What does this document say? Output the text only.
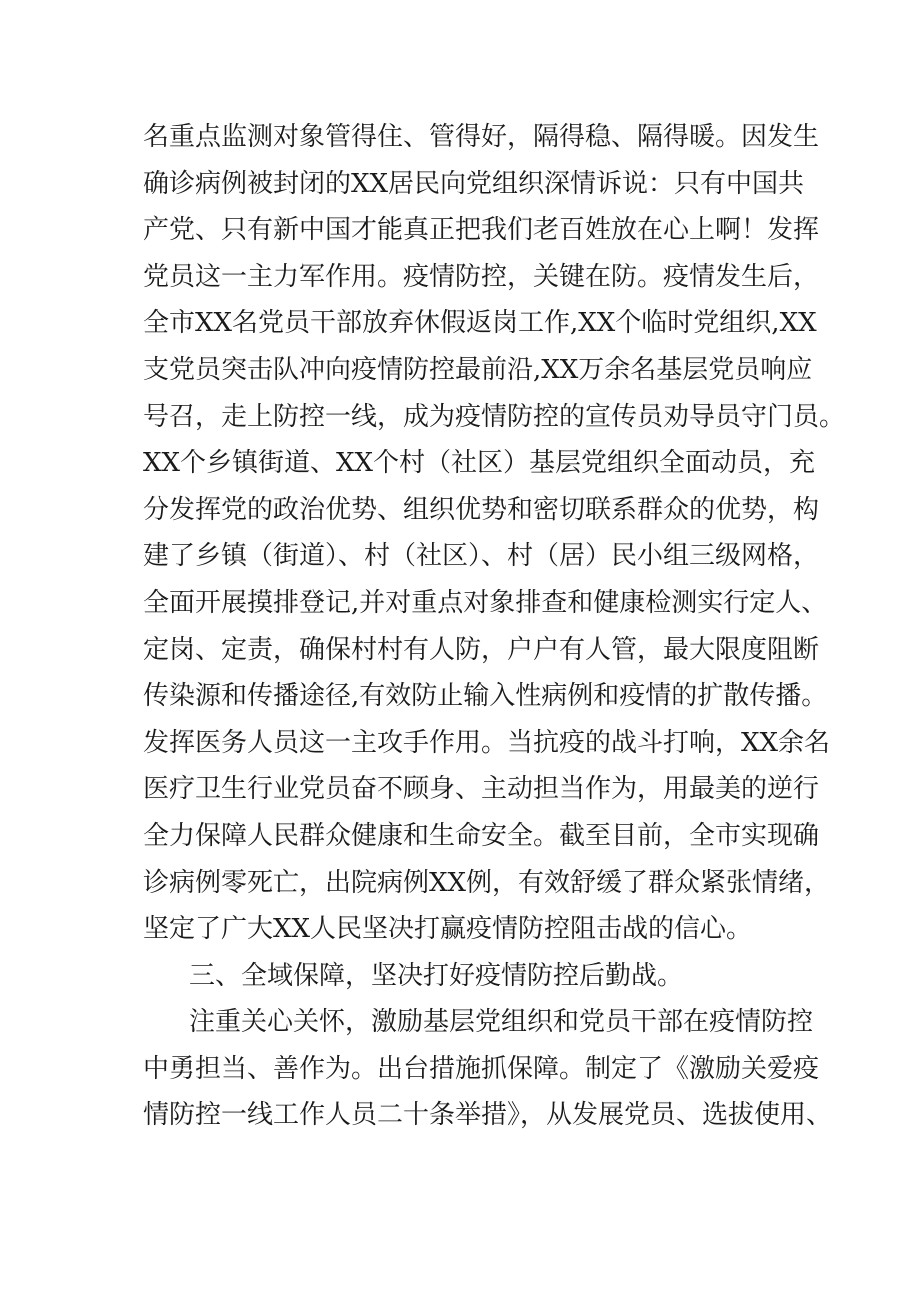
名重点监测对象管得住、管得好，隔得稳、隔得暖。因发生
确诊病例被封闭的XX居民向党组织深情诉说：只有中国共
产党、只有新中国才能真正把我们老百姓放在心上啊！发挥
党员这一主力军作用。疫情防控，关键在防。疫情发生后，
全市XX名党员干部放弃休假返岗工作,XX个临时党组织,XX
支党员突击队冲向疫情防控最前沿,XX万余名基层党员响应
号召，走上防控一线，成为疫情防控的宣传员劝导员守门员。
XX个乡镇街道、XX个村（社区）基层党组织全面动员，充
分发挥党的政治优势、组织优势和密切联系群众的优势，构
建了乡镇（街道）、村（社区）、村（居）民小组三级网格，
全面开展摸排登记,并对重点对象排查和健康检测实行定人、
定岗、定责，确保村村有人防，户户有人管，最大限度阻断
传染源和传播途径,有效防止输入性病例和疫情的扩散传播。
发挥医务人员这一主攻手作用。当抗疫的战斗打响，XX余名
医疗卫生行业党员奋不顾身、主动担当作为，用最美的逆行
全力保障人民群众健康和生命安全。截至目前，全市实现确
诊病例零死亡，出院病例XX例，有效舒缓了群众紧张情绪，
坚定了广大XX人民坚决打赢疫情防控阻击战的信心。
三、全域保障，坚决打好疫情防控后勤战。
注重关心关怀，激励基层党组织和党员干部在疫情防控
中勇担当、善作为。出台措施抓保障。制定了《激励关爱疫
情防控一线工作人员二十条举措》，从发展党员、选拔使用、
